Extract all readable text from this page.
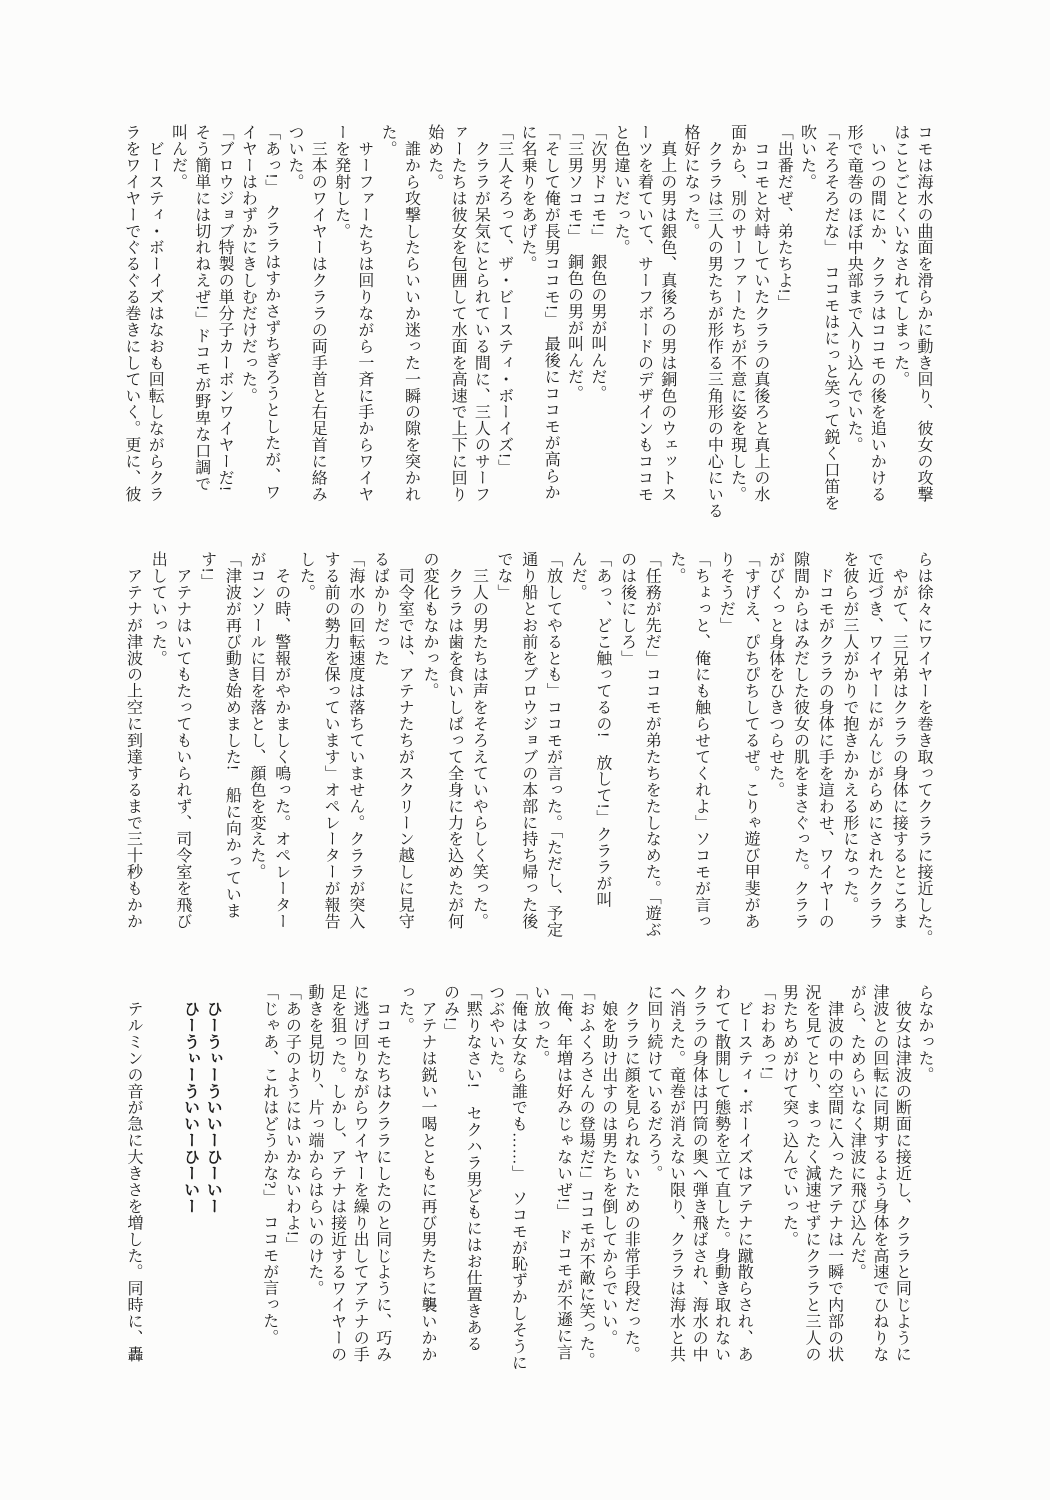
コモは海水の曲面を滑らかに動き回り、彼女の攻撃

はことごとくいなされてしまった。

　いつの間にか、クララはココモの後を追いかける

形で竜巻のほぼ中央部まで入り込んでいた。

「そろそろだな」　ココモはにっと笑って鋭く口笛を

吹いた。

「出番だぜ、弟たちよ!」

　ココモと対峙していたクララの真後ろと真上の水

面から、別のサーファーたちが不意に姿を現した。

　クララは三人の男たちが形作る三角形の中心にいる

格好になった。

　真上の男は銀色、真後ろの男は銅色のウェットス

ーツを着ていて、サーフボードのデザインもココモ

と色違いだった。

「次男ドコモ!」　銀色の男が叫んだ。

「三男ソコモ!」　銅色の男が叫んだ。

「そして俺が長男ココモ!」　最後にココモが高らか

に名乗りをあげた。

「三人そろって、ザ・ビースティ・ボーイズ!」

　クララが呆気にとられている間に、三人のサーフ

ァーたちは彼女を包囲して水面を高速で上下に回り

始めた。

　誰から攻撃したらいいか迷った一瞬の隙を突かれ

た。

　サーファーたちは回りながら一斉に手からワイヤ

ーを発射した。

　三本のワイヤーはクララの両手首と右足首に絡み

ついた。

「あっ!」　クララはすかさずちぎろうとしたが、ワ

イヤーはわずかにきしむだけだった。

「ブロウジョブ特製の単分子カーボンワイヤーだ!

そう簡単には切れねえぜ!」ドコモが野卑な口調で

叫んだ。

　ビースティ・ボーイズはなおも回転しながらクラ

ラをワイヤーでぐるぐる巻きにしていく。更に、彼

らは徐々にワイヤーを巻き取ってクララに接近した。

　やがて、三兄弟はクララの身体に接するところま

で近づき、ワイヤーにがんじがらめにされたクララ

を彼らが三人がかりで抱きかかえる形になった。

　ドコモがクララの身体に手を這わせ、ワイヤーの

隙間からはみだした彼女の肌をまさぐった。クララ

がびくっと身体をひきつらせた。

「すげえ、ぴちぴちしてるぜ。こりゃ遊び甲斐があ

りそうだ」

「ちょっと、俺にも触らせてくれよ」ソコモが言っ

た。

「任務が先だ」ココモが弟たちをたしなめた。「遊ぶ

のは後にしろ」

「あっ、どこ触ってるの!　放して!」クララが叫

んだ。

「放してやるとも」ココモが言った。「ただし、予定

通り船とお前をブロウジョブの本部に持ち帰った後

でな」

　三人の男たちは声をそろえていやらしく笑った。

　クララは歯を食いしばって全身に力を込めたが何

の変化もなかった。

　司令室では、アテナたちがスクリーン越しに見守

るばかりだった

「海水の回転速度は落ちていません。クララが突入

する前の勢力を保っています」オペレーターが報告

した。

　その時、警報がやかましく鳴った。オペレーター

がコンソールに目を落とし、顔色を変えた。

「津波が再び動き始めました!　船に向かっていま

す!」

　アテナはいてもたってもいられず、司令室を飛び

出していった。

　アテナが津波の上空に到達するまで三十秒もかか

らなかった。

　彼女は津波の断面に接近し、クララと同じように

津波との回転に同期するよう身体を高速でひねりな

がら、ためらいなく津波に飛び込んだ。

　津波の中の空間に入ったアテナは一瞬で内部の状

況を見てとり、まったく減速せずにクララと三人の

男たちめがけて突っ込んでいった。

「おわあっ!」

　ビースティ・ボーイズはアテナに蹴散らされ、あ

わてて散開して態勢を立て直した。身動き取れない

クララの身体は円筒の奥へ弾き飛ばされ、海水の中

へ消えた。竜巻が消えない限り、クララは海水と共

に回り続けているだろう。

　クララに顔を見られないための非常手段だった。

　娘を助け出すのは男たちを倒してからでいい。

「おふくろさんの登場だ!」ココモが不敵に笑った。

「俺、年増は好みじゃないぜ!」　ドコモが不遜に言

い放った。

「俺は女なら誰でも……」　ソコモが恥ずかしそうに

つぶやいた。

「黙りなさい!　セクハラ男どもにはお仕置きある

のみ!」

　アテナは鋭い一喝とともに再び男たちに襲いかか

った。

　ココモたちはクララにしたのと同じように、巧み

に逃げ回りながらワイヤーを繰り出してアテナの手

足を狙った。しかし、アテナは接近するワイヤーの

動きを見切り、片っ端からはらいのけた。

「あの子のようにはいかないわよ!」

「じゃあ、これはどうかな?」　ココモが言った。

　ひーうぃーういいーひーいー

　ひーうぃーういいーひーいー

　テルミンの音が急に大きさを増した。同時に、轟
